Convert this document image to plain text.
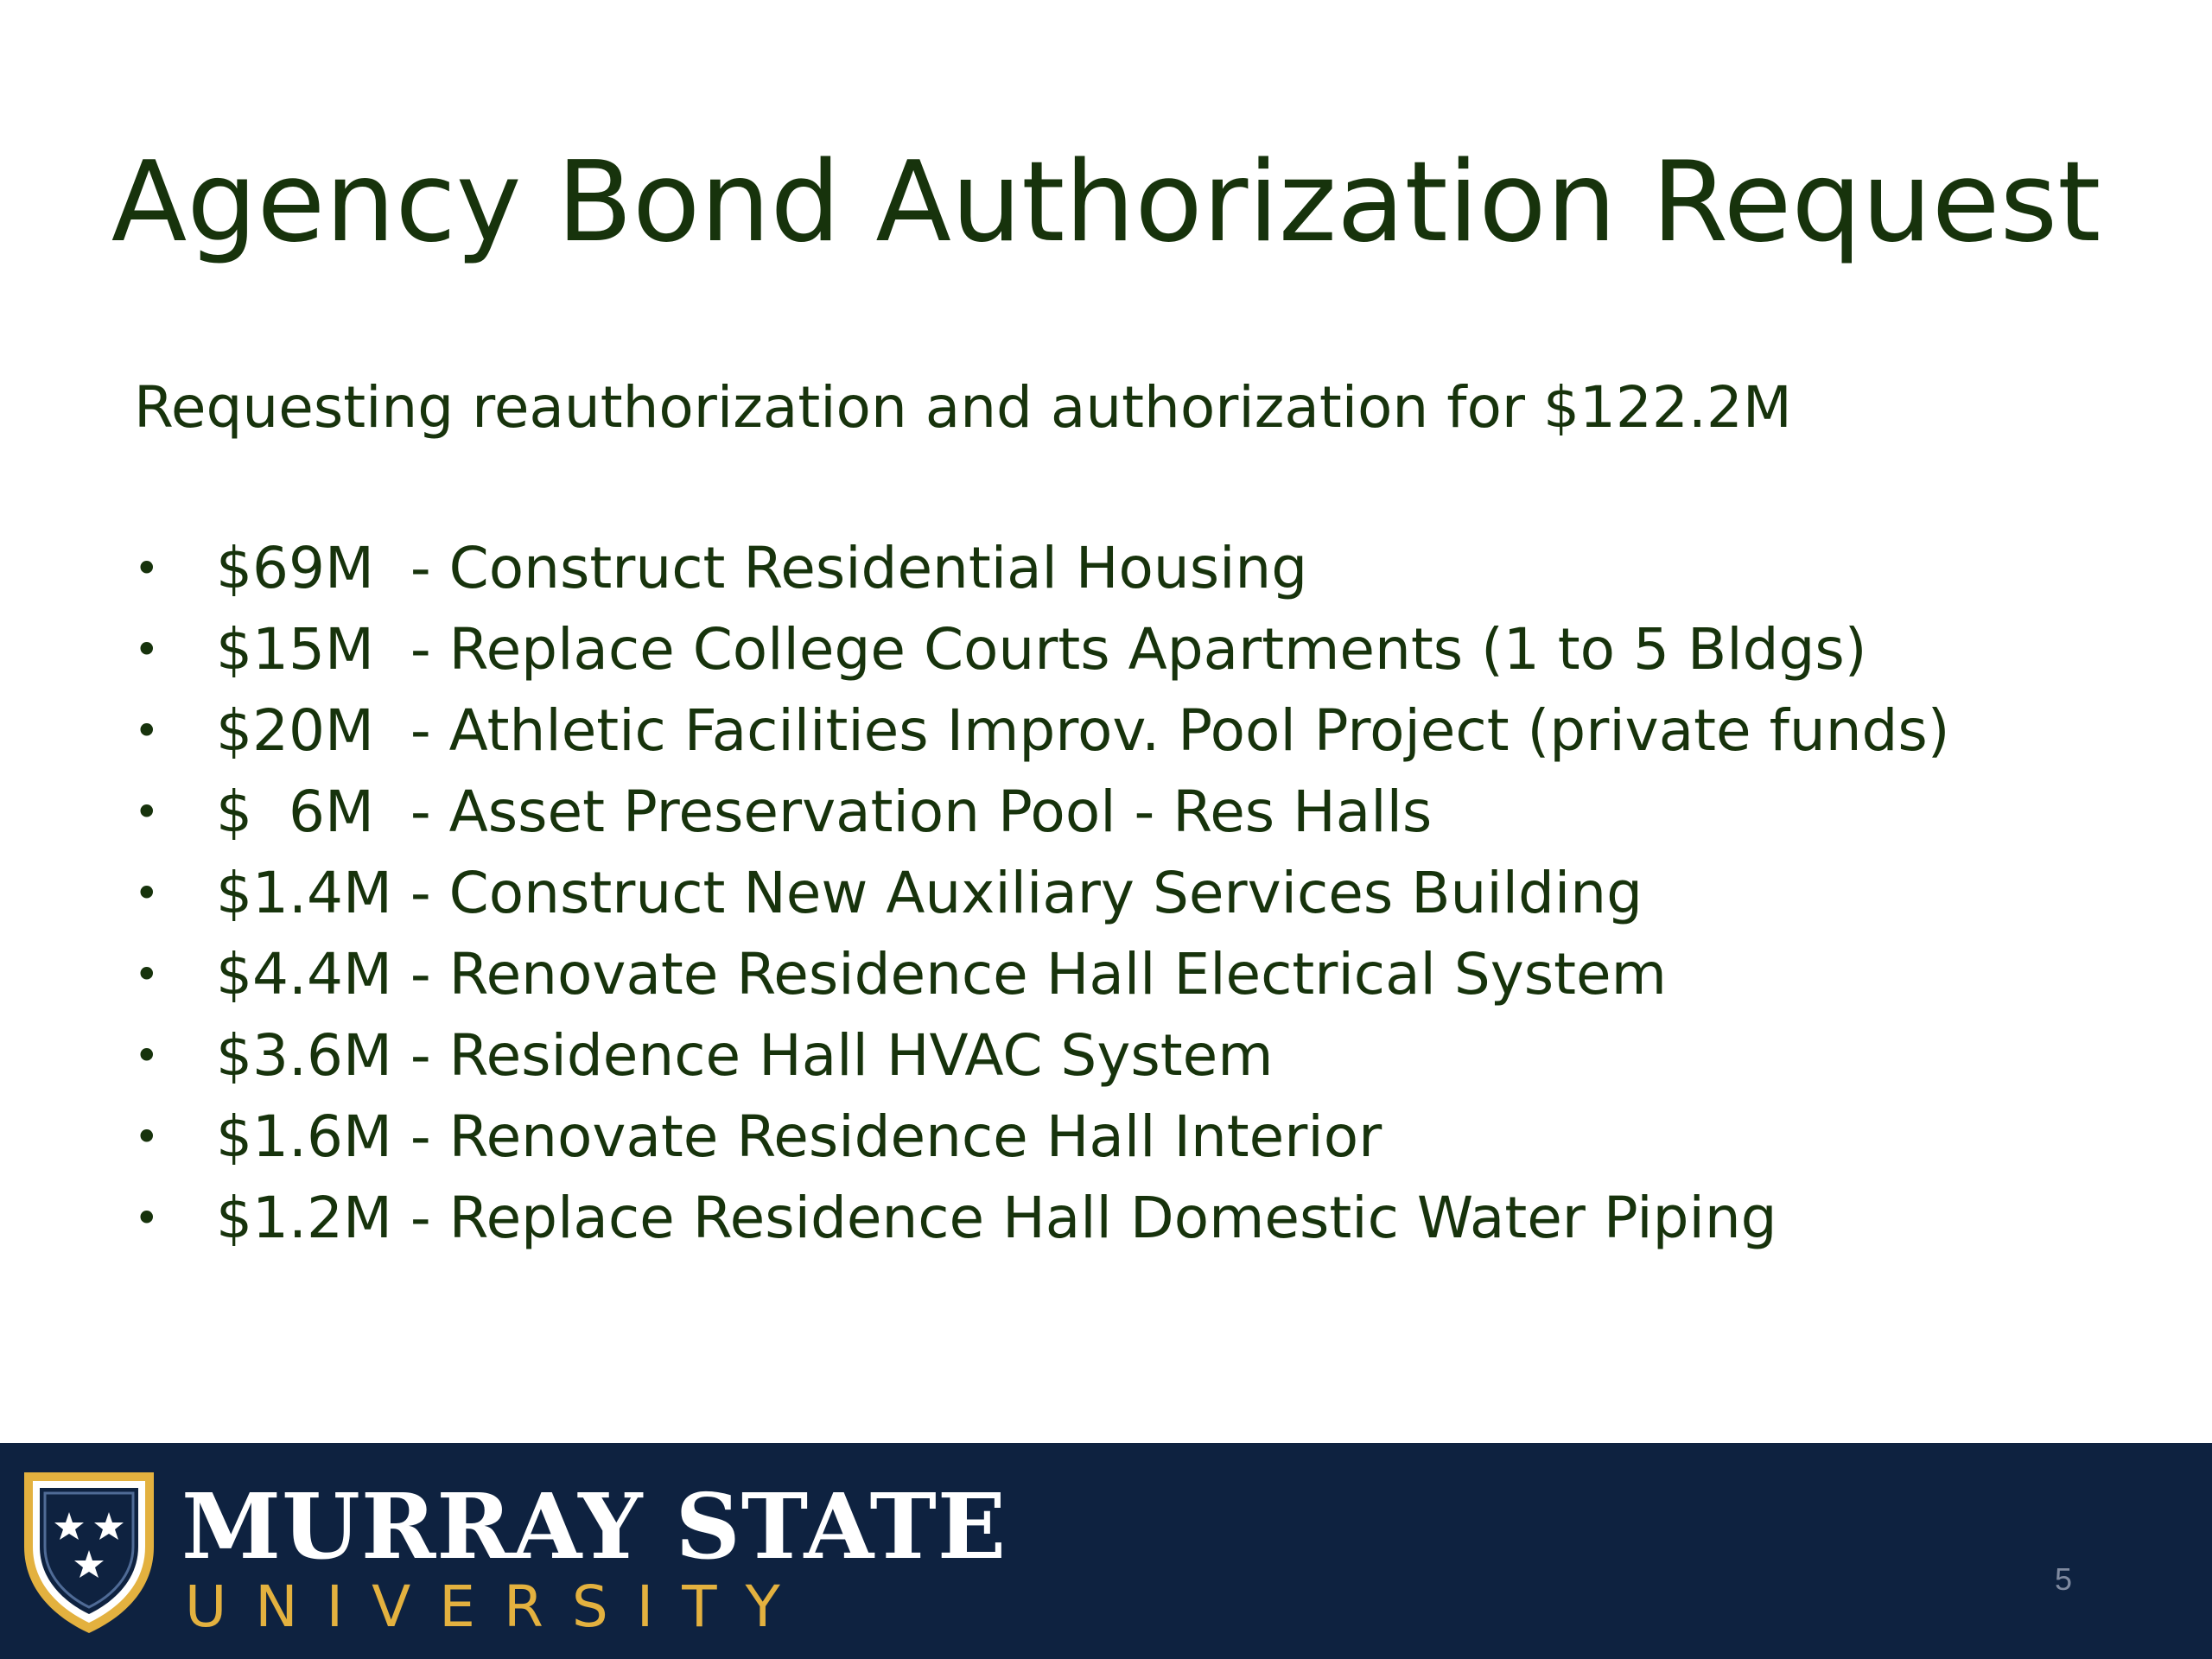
Agency Bond Authorization Request
Requesting reauthorization and authorization for $122.2M
• $69M  - Construct Residential Housing
• $15M  - Replace College Courts Apartments (1 to 5 Bldgs)
• $20M  - Athletic Facilities Improv. Pool Project (private funds)
• $  6M  - Asset Preservation Pool - Res Halls
• $1.4M - Construct New Auxiliary Services Building
• $4.4M - Renovate Residence Hall Electrical System
• $3.6M - Residence Hall HVAC System
• $1.6M - Renovate Residence Hall Interior
• $1.2M - Replace Residence Hall Domestic Water Piping
MURRAY STATE
UNIVERSITY	5
